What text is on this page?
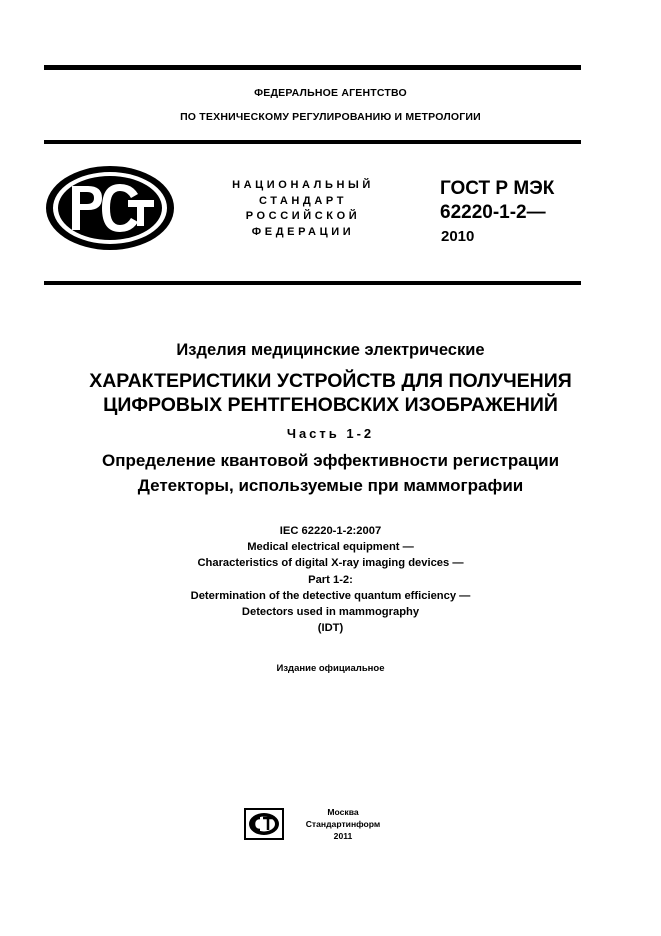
ФЕДЕРАЛЬНОЕ АГЕНТСТВО
ПО ТЕХНИЧЕСКОМУ РЕГУЛИРОВАНИЮ И МЕТРОЛОГИИ
НАЦИОНАЛЬНЫЙ
СТАНДАРТ
РОССИЙСКОЙ
ФЕДЕРАЦИИ
ГОСТ Р МЭК
62220-1-2—
2010
Изделия медицинские электрические
ХАРАКТЕРИСТИКИ УСТРОЙСТВ ДЛЯ ПОЛУЧЕНИЯ
ЦИФРОВЫХ РЕНТГЕНОВСКИХ ИЗОБРАЖЕНИЙ
Часть 1-2
Определение квантовой эффективности регистрации
Детекторы, используемые при маммографии
IEC 62220-1-2:2007
Medical electrical equipment —
Characteristics of digital X-ray imaging devices —
Part 1-2:
Determination of the detective quantum efficiency —
Detectors used in mammography
(IDT)
Издание официальное
Москва
Стандартинформ
2011
